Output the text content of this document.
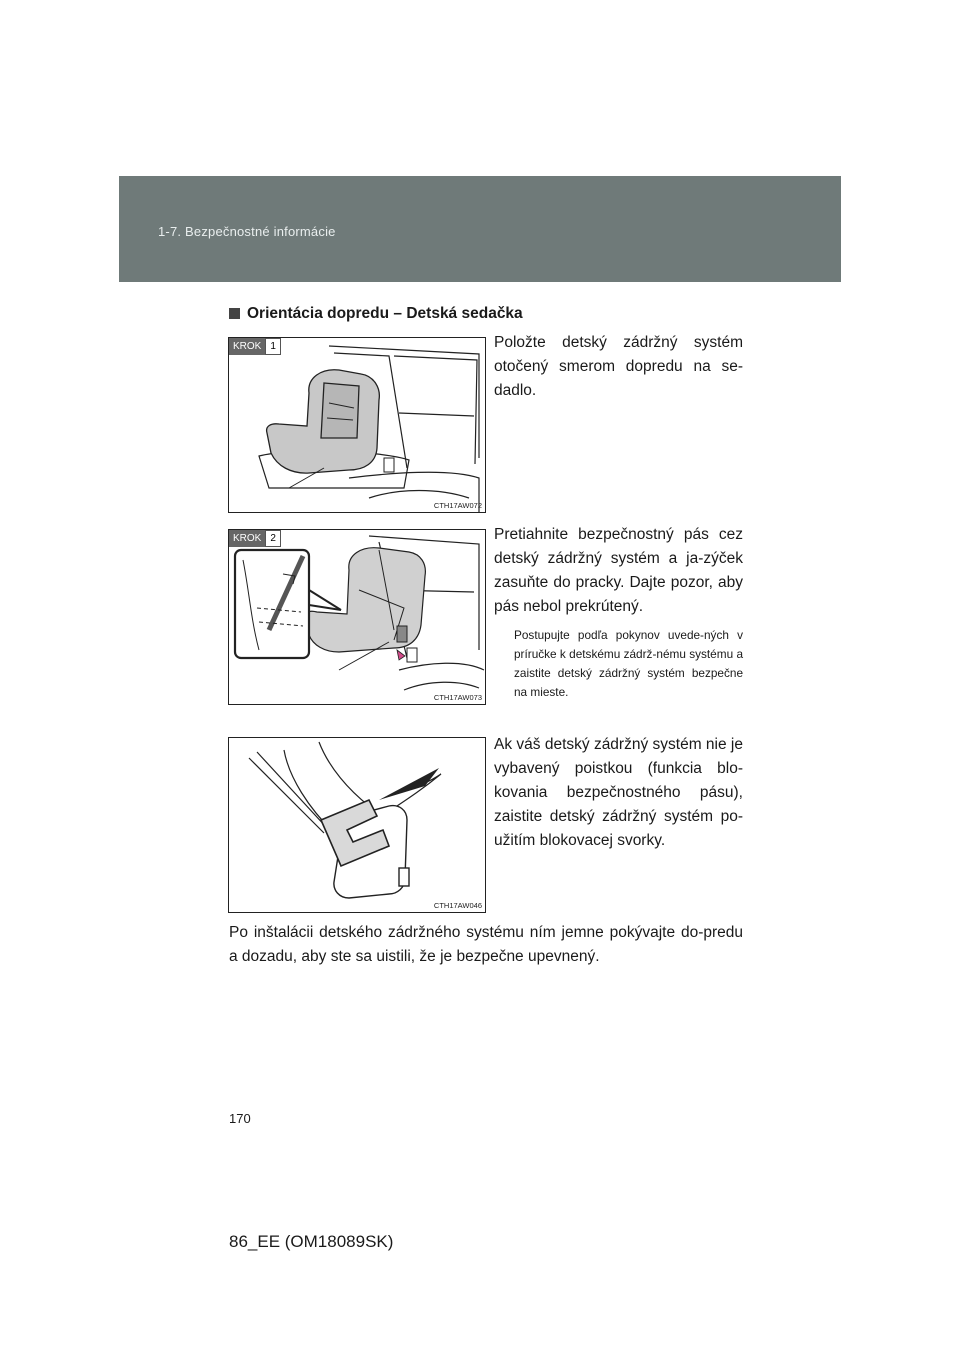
1-7. Bezpečnostné informácie
Orientácia dopredu – Detská sedačka
KROK 1
CTH17AW072
Položte detský zádržný systém otočený smerom dopredu na se-dadlo.
KROK 2
CTH17AW073
Pretiahnite bezpečnostný pás cez detský zádržný systém a ja-zýček zasuňte do pracky. Dajte pozor, aby pás nebol prekrútený.
Postupujte podľa pokynov uvede-ných v príručke k detskému zádrž-nému systému a zaistite detský zádržný systém bezpečne na mieste.
CTH17AW046
Ak váš detský zádržný systém nie je vybavený poistkou (funkcia blo-kovania bezpečnostného pásu), zaistite detský zádržný systém po-užitím blokovacej svorky.
Po inštalácii detského zádržného systému ním jemne pokývajte do-predu a dozadu, aby ste sa uistili, že je bezpečne upevnený.
170
86_EE (OM18089SK)
